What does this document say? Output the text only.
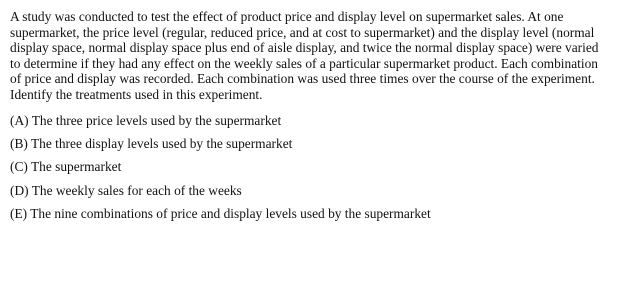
A study was conducted to test the effect of product price and display level on supermarket sales. At one supermarket, the price level (regular, reduced price, and at cost to supermarket) and the display level (normal display space, normal display space plus end of aisle display, and twice the normal display space) were varied to determine if they had any effect on the weekly sales of a particular supermarket product. Each combination of price and display was recorded. Each combination was used three times over the course of the experiment. Identify the treatments used in this experiment.

(A) The three price levels used by the supermarket
(B) The three display levels used by the supermarket
(C) The supermarket
(D) The weekly sales for each of the weeks
(E) The nine combinations of price and display levels used by the supermarket
